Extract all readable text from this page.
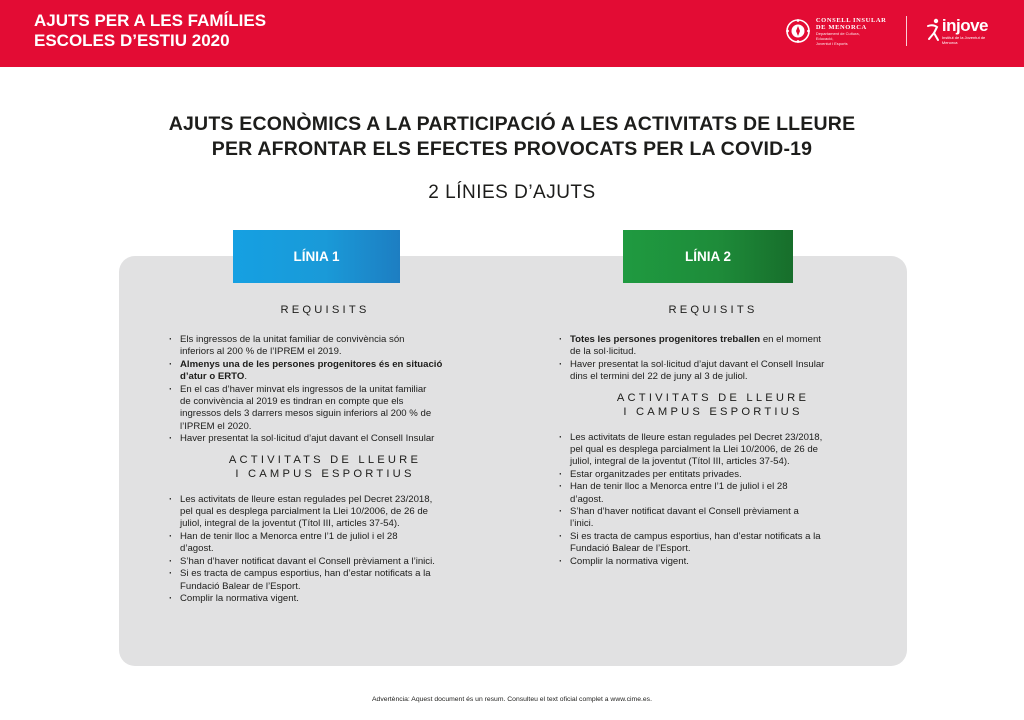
AJUTS PER A LES FAMÍLIES
ESCOLES D’ESTIU 2020
CONSELL INSULAR
DE MENORCA
Departament de Cultura, Educació,
Joventut i Esports
injove
Institut de la Joventut de
Menorca
AJUTS ECONÒMICS A LA PARTICIPACIÓ A LES ACTIVITATS DE LLEURE
PER AFRONTAR ELS EFECTES PROVOCATS PER LA COVID-19
2 LÍNIES D’AJUTS
LÍNIA 1	LÍNIA 2
REQUISITS
· Els ingressos de la unitat familiar de convivència són
inferiors al 200 % de l’IPREM el 2019.
· Almenys una de les persones progenitores és en situació
d’atur o ERTO.
· En el cas d’haver minvat els ingressos de la unitat familiar
de convivència al 2019 es tindran en compte que els
ingressos dels 3 darrers mesos siguin inferiors al 200 % de
l’IPREM el 2020.
· Haver presentat la sol·licitud d’ajut davant el Consell Insular
ACTIVITATS DE LLEURE
I CAMPUS ESPORTIUS
· Les activitats de lleure estan regulades pel Decret 23/2018,
pel qual es desplega parcialment la Llei 10/2006, de 26 de
juliol, integral de la joventut (Títol III, articles 37-54).
· Han de tenir lloc a Menorca entre l’1 de juliol i el 28
d’agost.
· S’han d’haver notificat davant el Consell prèviament a l’inici.
· Si es tracta de campus esportius, han d’estar notificats a la
Fundació Balear de l’Esport.
· Complir la normativa vigent.
REQUISITS
· Totes les persones progenitores treballen en el moment
de la sol·licitud.
· Haver presentat la sol·licitud d’ajut davant el Consell Insular
dins el termini del 22 de juny al 3 de juliol.
ACTIVITATS DE LLEURE
I CAMPUS ESPORTIUS
· Les activitats de lleure estan regulades pel Decret 23/2018,
pel qual es desplega parcialment la Llei 10/2006, de 26 de
juliol, integral de la joventut (Títol III, articles 37-54).
· Estar organitzades per entitats privades.
· Han de tenir lloc a Menorca entre l’1 de juliol i el 28
d’agost.
· S’han d’haver notificat davant el Consell prèviament a
l’inici.
· Si es tracta de campus esportius, han d’estar notificats a la
Fundació Balear de l’Esport.
· Complir la normativa vigent.
Advertència: Aquest document és un resum. Consulteu el text oficial complet a www.cime.es.
